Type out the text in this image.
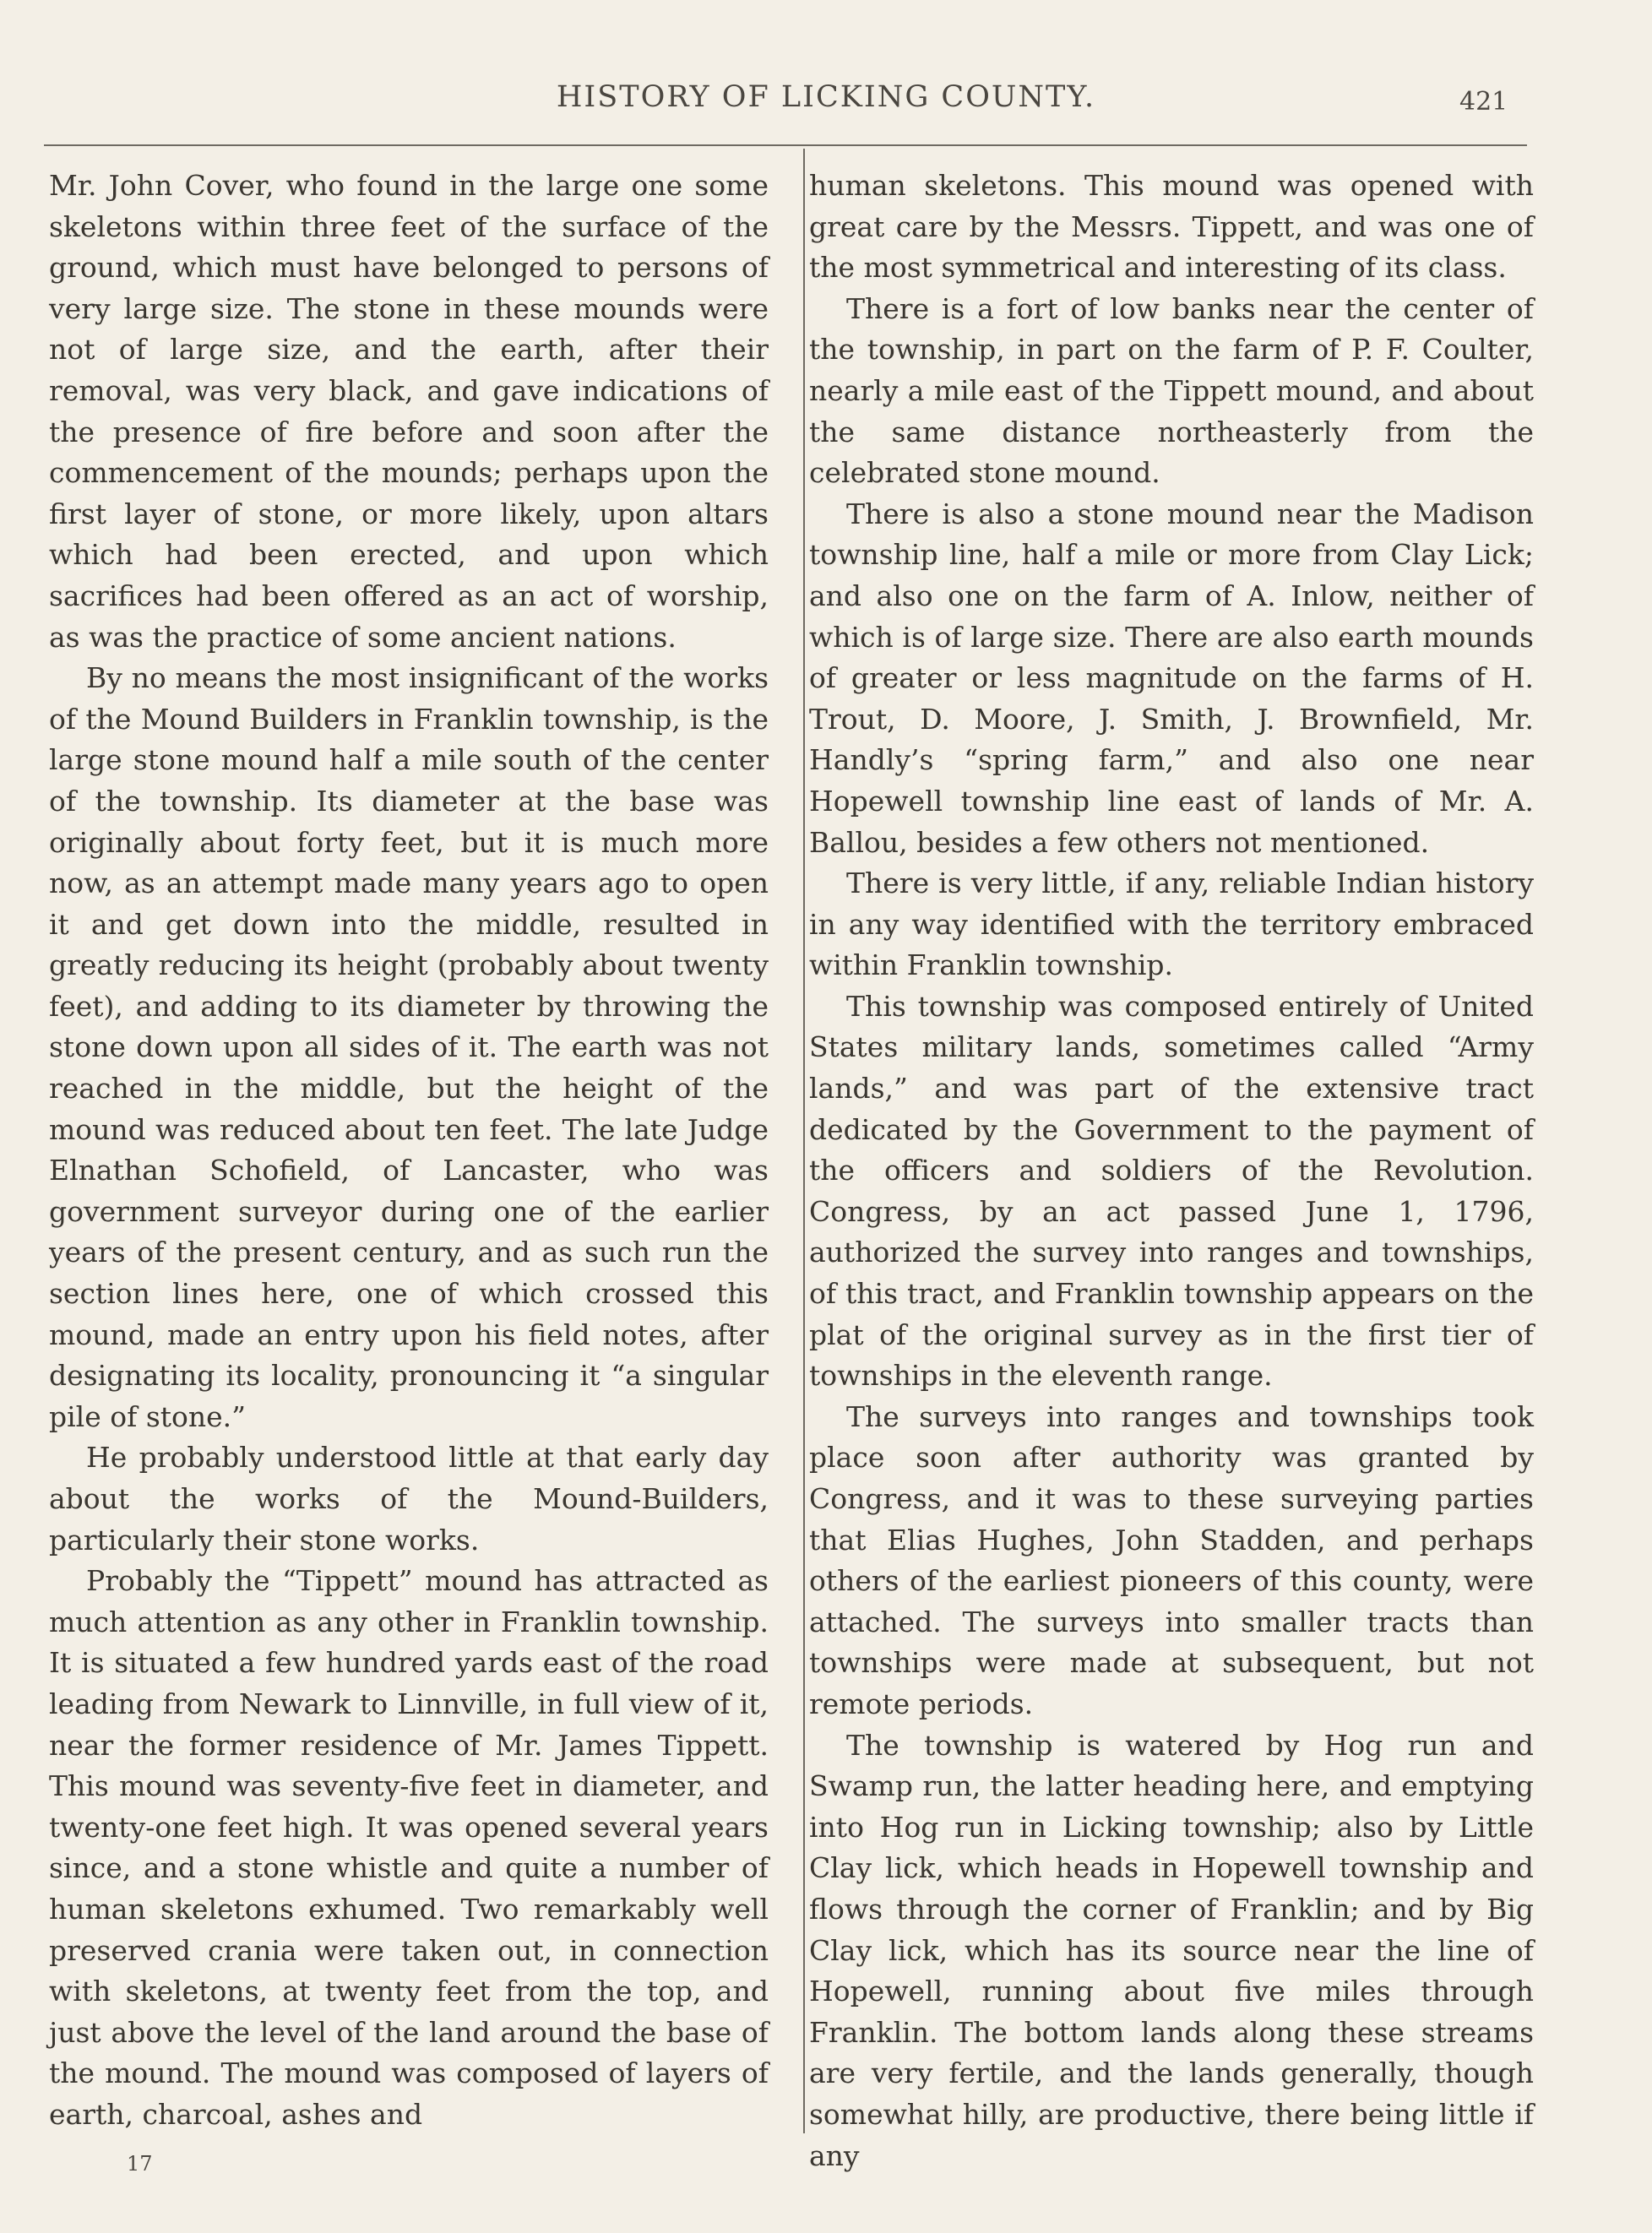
HISTORY OF LICKING COUNTY.	421

Mr. John Cover, who found in the large one some skeletons within three feet of the surface of the ground, which must have belonged to persons of very large size. The stone in these mounds were not of large size, and the earth, after their removal, was very black, and gave indications of the presence of fire before and soon after the commencement of the mounds; perhaps upon the first layer of stone, or more likely, upon altars which had been erected, and upon which sacrifices had been offered as an act of worship, as was the practice of some ancient nations.

By no means the most insignificant of the works of the Mound Builders in Franklin township, is the large stone mound half a mile south of the center of the township. Its diameter at the base was originally about forty feet, but it is much more now, as an attempt made many years ago to open it and get down into the middle, resulted in greatly reducing its height (probably about twenty feet), and adding to its diameter by throwing the stone down upon all sides of it. The earth was not reached in the middle, but the height of the mound was reduced about ten feet. The late Judge Elnathan Schofield, of Lancaster, who was government surveyor during one of the earlier years of the present century, and as such run the section lines here, one of which crossed this mound, made an entry upon his field notes, after designating its locality, pronouncing it “a singular pile of stone.”

He probably understood little at that early day about the works of the Mound-Builders, particularly their stone works.

Probably the “Tippett” mound has attracted as much attention as any other in Franklin township. It is situated a few hundred yards east of the road leading from Newark to Linnville, in full view of it, near the former residence of Mr. James Tippett. This mound was seventy-five feet in diameter, and twenty-one feet high. It was opened several years since, and a stone whistle and quite a number of human skeletons exhumed. Two remarkably well preserved crania were taken out, in connection with skeletons, at twenty feet from the top, and just above the level of the land around the base of the mound. The mound was composed of layers of earth, charcoal, ashes and

human skeletons. This mound was opened with great care by the Messrs. Tippett, and was one of the most symmetrical and interesting of its class.

There is a fort of low banks near the center of the township, in part on the farm of P. F. Coulter, nearly a mile east of the Tippett mound, and about the same distance northeasterly from the celebrated stone mound.

There is also a stone mound near the Madison township line, half a mile or more from Clay Lick; and also one on the farm of A. Inlow, neither of which is of large size. There are also earth mounds of greater or less magnitude on the farms of H. Trout, D. Moore, J. Smith, J. Brownfield, Mr. Handly’s “spring farm,” and also one near Hopewell township line east of lands of Mr. A. Ballou, besides a few others not mentioned.

There is very little, if any, reliable Indian history in any way identified with the territory embraced within Franklin township.

This township was composed entirely of United States military lands, sometimes called “Army lands,” and was part of the extensive tract dedicated by the Government to the payment of the officers and soldiers of the Revolution. Congress, by an act passed June 1, 1796, authorized the survey into ranges and townships, of this tract, and Franklin township appears on the plat of the original survey as in the first tier of townships in the eleventh range.

The surveys into ranges and townships took place soon after authority was granted by Congress, and it was to these surveying parties that Elias Hughes, John Stadden, and perhaps others of the earliest pioneers of this county, were attached. The surveys into smaller tracts than townships were made at subsequent, but not remote periods.

The township is watered by Hog run and Swamp run, the latter heading here, and emptying into Hog run in Licking township; also by Little Clay lick, which heads in Hopewell township and flows through the corner of Franklin; and by Big Clay lick, which has its source near the line of Hopewell, running about five miles through Franklin. The bottom lands along these streams are very fertile, and the lands generally, though somewhat hilly, are productive, there being little if any

17
